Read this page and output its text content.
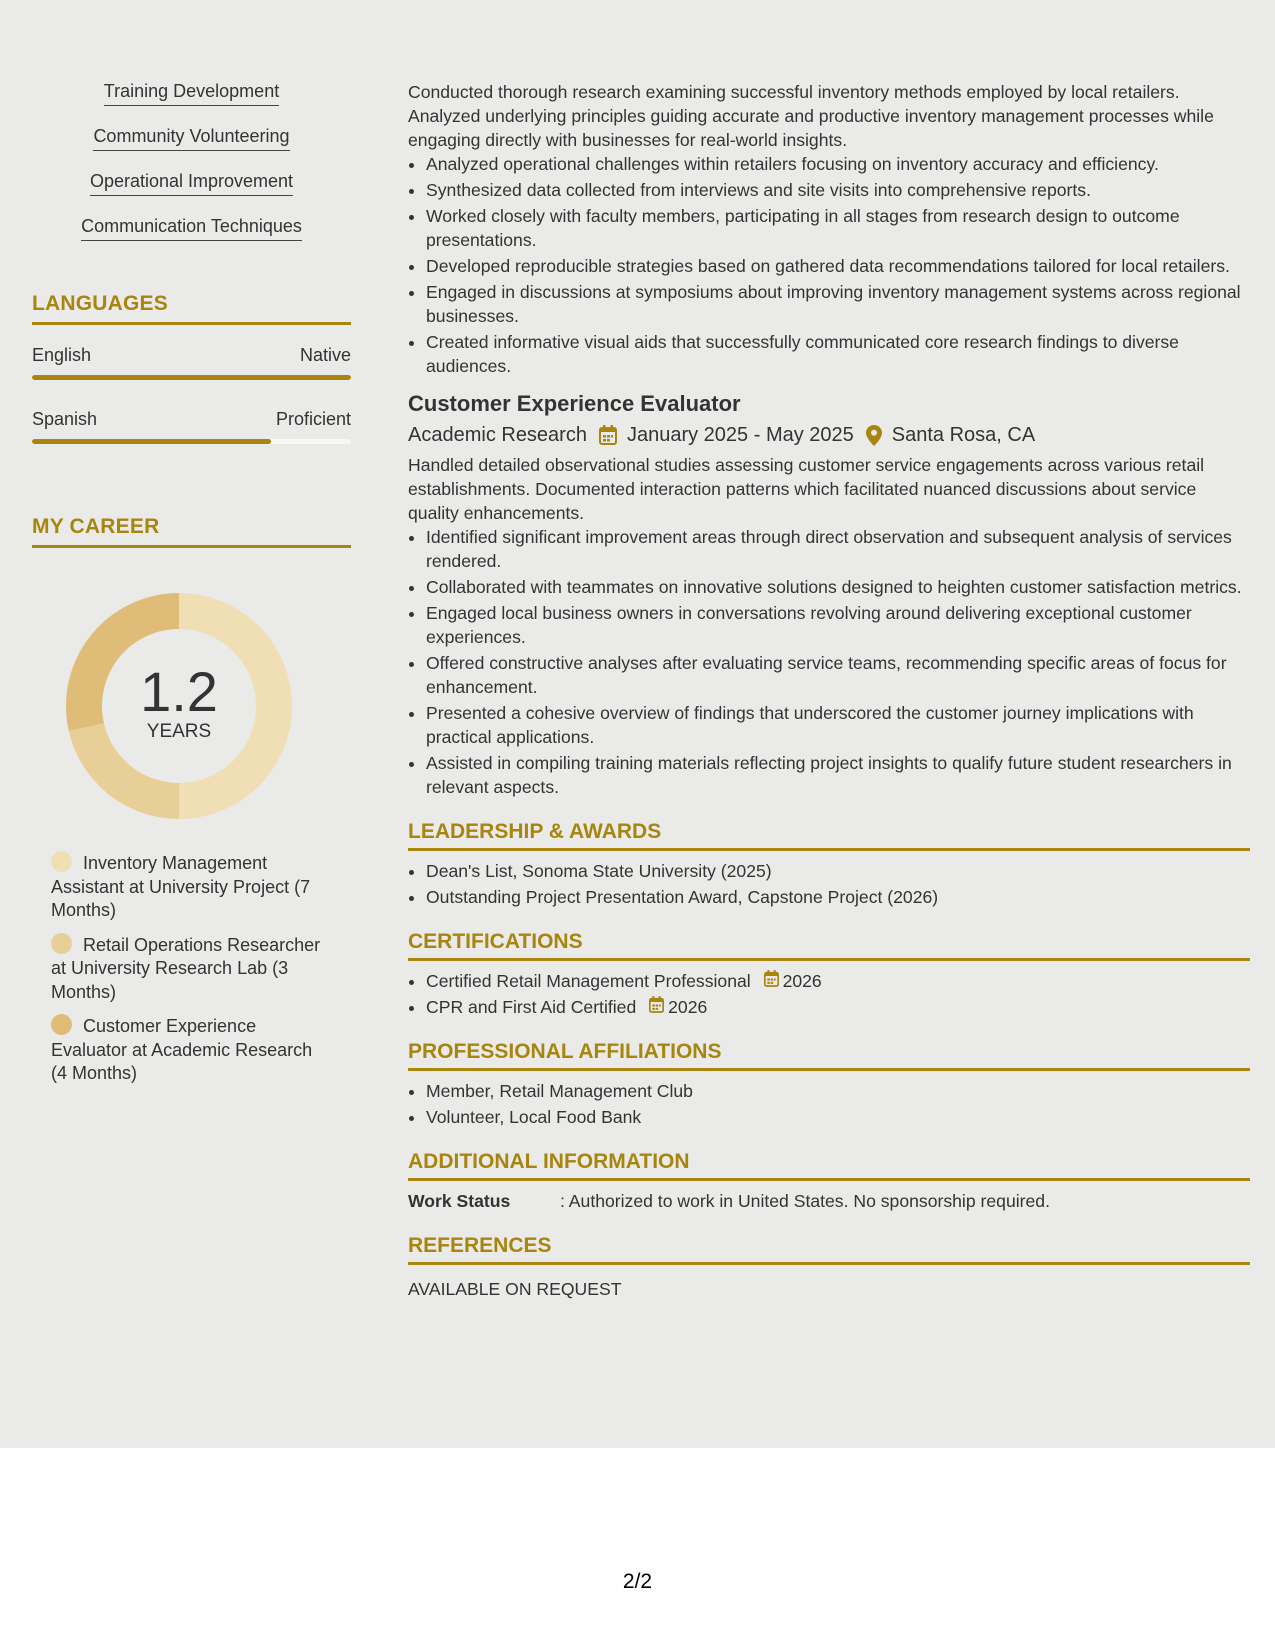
Training Development
Community Volunteering
Operational Improvement
Communication Techniques
LANGUAGES
English	Native
Spanish	Proficient
MY CAREER
1.2
YEARS
Inventory Management Assistant at University Project (7 Months)
Retail Operations Researcher at University Research Lab (3 Months)
Customer Experience Evaluator at Academic Research (4 Months)

Conducted thorough research examining successful inventory methods employed by local retailers. Analyzed underlying principles guiding accurate and productive inventory management processes while engaging directly with businesses for real-world insights.

• Analyzed operational challenges within retailers focusing on inventory accuracy and efficiency.
• Synthesized data collected from interviews and site visits into comprehensive reports.
• Worked closely with faculty members, participating in all stages from research design to outcome presentations.
• Developed reproducible strategies based on gathered data recommendations tailored for local retailers.
• Engaged in discussions at symposiums about improving inventory management systems across regional businesses.
• Created informative visual aids that successfully communicated core research findings to diverse audiences.
Customer Experience Evaluator
Academic Research January 2025 - May 2025 Santa Rosa, CA

Handled detailed observational studies assessing customer service engagements across various retail establishments. Documented interaction patterns which facilitated nuanced discussions about service quality enhancements.

• Identified significant improvement areas through direct observation and subsequent analysis of services rendered.
• Collaborated with teammates on innovative solutions designed to heighten customer satisfaction metrics.
• Engaged local business owners in conversations revolving around delivering exceptional customer experiences.
• Offered constructive analyses after evaluating service teams, recommending specific areas of focus for enhancement.
• Presented a cohesive overview of findings that underscored the customer journey implications with practical applications.
• Assisted in compiling training materials reflecting project insights to qualify future student researchers in relevant aspects.
LEADERSHIP & AWARDS
• Dean's List, Sonoma State University (2025)
• Outstanding Project Presentation Award, Capstone Project (2026)
CERTIFICATIONS
• Certified Retail Management Professional 2026
• CPR and First Aid Certified 2026
PROFESSIONAL AFFILIATIONS
• Member, Retail Management Club
• Volunteer, Local Food Bank
ADDITIONAL INFORMATION
Work Status	: Authorized to work in United States. No sponsorship required.
REFERENCES
AVAILABLE ON REQUEST
2/2
